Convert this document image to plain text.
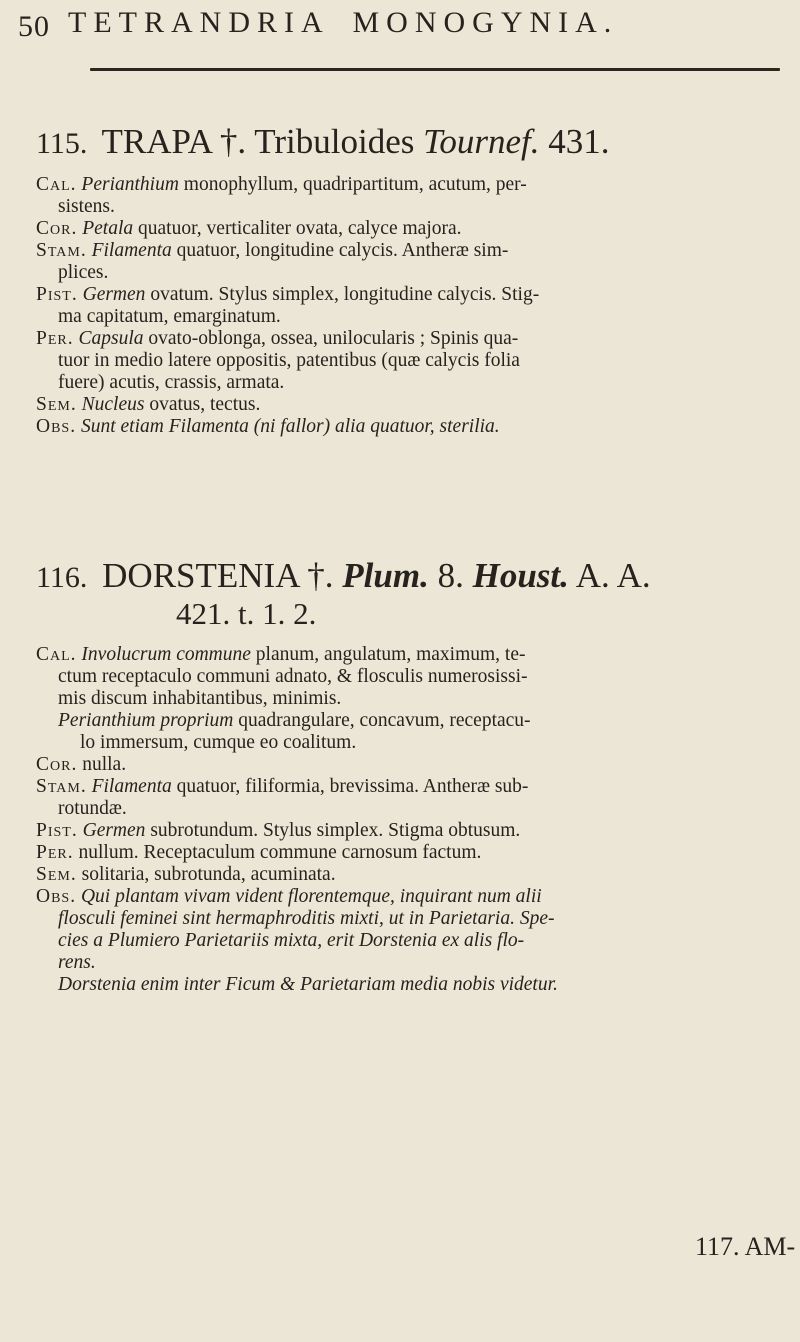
50 TETRANDRIA MONOGYNIA.
115. TRAPA †. Tribuloides Tournef. 431.

Cal. Perianthium monophyllum, quadripartitum, acutum, per-
sistens.

Cor. Petala quatuor, verticaliter ovata, calyce majora.

Stam. Filamenta quatuor, longitudine calycis. Antheræ sim-
plices.

Pist. Germen ovatum. Stylus simplex, longitudine calycis. Stig-
ma capitatum, emarginatum.

Per. Capsula ovato-oblonga, ossea, unilocularis ; Spinis qua-
tuor in medio latere oppositis, patentibus (quæ calycis folia
fuere) acutis, crassis, armata.

Sem. Nucleus ovatus, tectus.

Obs. Sunt etiam Filamenta (ni fallor) alia quatuor, sterilia.

116. DORSTENIA †. Plum. 8. Houst. A. A.

421. t. 1. 2.

Cal. Involucrum commune planum, angulatum, maximum, te-
ctum receptaculo communi adnato, & flosculis numerosissi-
mis discum inhabitantibus, minimis.

Perianthium proprium quadrangulare, concavum, receptacu-
lo immersum, cumque eo coalitum.

Cor. nulla.

Stam. Filamenta quatuor, filiformia, brevissima. Antheræ sub-
rotundæ.

Pist. Germen subrotundum. Stylus simplex. Stigma obtusum.

Per. nullum. Receptaculum commune carnosum factum.

Sem. solitaria, subrotunda, acuminata.

Obs. Qui plantam vivam vident florentemque, inquirant num alii
flosculi feminei sint hermaphroditis mixti, ut in Parietaria. Spe-
cies a Plumiero Parietariis mixta, erit Dorstenia ex alis flo-
rens.

Dorstenia enim inter Ficum & Parietariam media nobis videtur.

117. AM-
